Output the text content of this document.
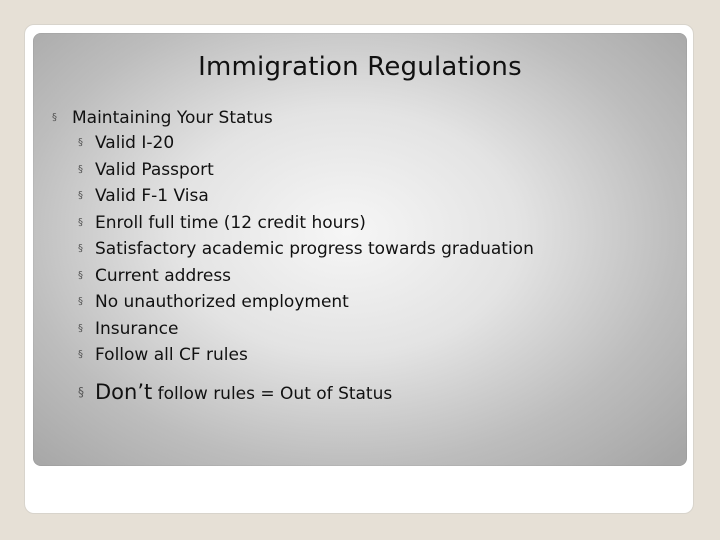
Immigration Regulations
§ Maintaining Your Status
§ Valid I-20
§ Valid Passport
§ Valid F-1 Visa
§ Enroll full time (12 credit hours)
§ Satisfactory academic progress towards graduation
§ Current address
§ No unauthorized employment
§ Insurance
§ Follow all CF rules
§ Don’t follow rules = Out of Status
